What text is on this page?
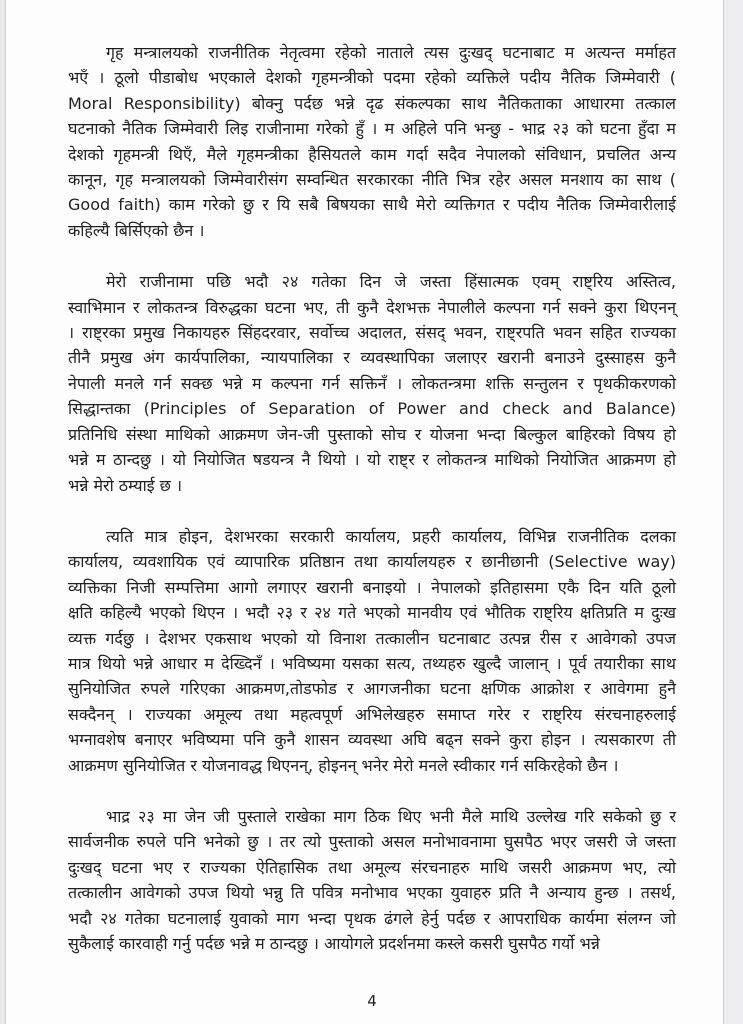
गृह मन्त्रालयको राजनीतिक नेतृत्वमा रहेको नाताले त्यस दुःखद् घटनाबाट म अत्यन्त मर्माहत
भएँ । ठूलो पीडाबोध भएकाले देशको गृहमन्त्रीको पदमा रहेको व्यक्तिले पदीय नैतिक जिम्मेवारी (
Moral Responsibility) बोक्नु पर्दछ भन्ने दृढ संकल्पका साथ नैतिकताका आधारमा तत्काल
घटनाको नैतिक जिम्मेवारी लिइ राजीनामा गरेको हुँ । म अहिले पनि भन्छु - भाद्र २३ को घटना हुँदा म
देशको गृहमन्त्री थिएँ, मैले गृहमन्त्रीका हैसियतले काम गर्दा सदैव नेपालको संविधान, प्रचलित अन्य
कानून, गृह मन्त्रालयको जिम्मेवारीसंग सम्वन्धित सरकारका नीति भित्र रहेर असल मनशाय का साथ (
Good faith) काम गरेको छु र यि सबै बिषयका साथै मेरो व्यक्तिगत र पदीय नैतिक जिम्मेवारीलाई
कहिल्यै बिर्सिएको छैन ।
मेरो राजीनामा पछि भदौ २४ गतेका दिन जे जस्ता हिंसात्मक एवम् राष्ट्रिय अस्तित्व,
स्वाभिमान र लोकतन्त्र विरुद्धका घटना भए, ती कुनै देशभक्त नेपालीले कल्पना गर्न सक्ने कुरा थिएनन्
। राष्ट्रका प्रमुख निकायहरु सिंहदरवार, सर्वोच्च अदालत, संसद् भवन, राष्ट्रपति भवन सहित राज्यका
तीनै प्रमुख अंग कार्यपालिका, न्यायपालिका र व्यवस्थापिका जलाएर खरानी बनाउने दुस्साहस कुनै
नेपाली मनले गर्न सक्छ भन्ने म कल्पना गर्न सक्तिनँ । लोकतन्त्रमा शक्ति सन्तुलन र पृथकीकरणको
सिद्धान्तका (Principles of Separation of Power and check and Balance)
प्रतिनिधि संस्था माथिको आक्रमण जेन-जी पुस्ताको सोच र योजना भन्दा बिल्कुल बाहिरको विषय हो
भन्ने म ठान्दछु । यो नियोजित षडयन्त्र नै थियो । यो राष्ट्र र लोकतन्त्र माथिको नियोजित आक्रमण हो
भन्ने मेरो ठम्याई छ ।
त्यति मात्र होइन, देशभरका सरकारी कार्यालय, प्रहरी कार्यालय, विभिन्न राजनीतिक दलका
कार्यालय, व्यवशायिक एवं व्यापारिक प्रतिष्ठान तथा कार्यालयहरु र छानीछानी (Selective way)
व्यक्तिका निजी सम्पत्तिमा आगो लगाएर खरानी बनाइयो । नेपालको इतिहासमा एकै दिन यति ठूलो
क्षति कहिल्यै भएको थिएन । भदौ २३ र २४ गते भएको मानवीय एवं भौतिक राष्ट्रिय क्षतिप्रति म दुःख
व्यक्त गर्दछु । देशभर एकसाथ भएको यो विनाश तत्कालीन घटनाबाट उत्पन्न रीस र आवेगको उपज
मात्र थियो भन्ने आधार म देख्दिनँ । भविष्यमा यसका सत्य, तथ्यहरु खुल्दै जालान् । पूर्व तयारीका साथ
सुनियोजित रुपले गरिएका आक्रमण,तोडफोड र आगजनीका घटना क्षणिक आक्रोश र आवेगमा हुनै
सक्दैनन् । राज्यका अमूल्य तथा महत्वपूर्ण अभिलेखहरु समाप्त गरेर र राष्ट्रिय संरचनाहरुलाई
भग्नावशेष बनाएर भविष्यमा पनि कुनै शासन व्यवस्था अघि बढ्न सक्ने कुरा होइन । त्यसकारण ती
आक्रमण सुनियोजित र योजनावद्ध थिएनन्, होइनन् भनेर मेरो मनले स्वीकार गर्न सकिरहेको छैन ।
भाद्र २३ मा जेन जी पुस्ताले राखेका माग ठिक थिए भनी मैले माथि उल्लेख गरि सकेको छु र
सार्वजनीक रुपले पनि भनेको छु । तर त्यो पुस्ताको असल मनोभावनामा घुसपैठ भएर जसरी जे जस्ता
दुःखद् घटना भए र राज्यका ऐतिहासिक तथा अमूल्य संरचनाहरु माथि जसरी आक्रमण भए, त्यो
तत्कालीन आवेगको उपज थियो भन्नु ति पवित्र मनोभाव भएका युवाहरु प्रति नै अन्याय हुन्छ । तसर्थ,
भदौ २४ गतेका घटनालाई युवाको माग भन्दा पृथक ढंगले हेर्नु पर्दछ र आपराधिक कार्यमा संलग्न जो
सुकैलाई कारवाही गर्नु पर्दछ भन्ने म ठान्दछु । आयोगले प्रदर्शनमा कस्ले कसरी घुसपैठ गर्यो भन्ने
4
